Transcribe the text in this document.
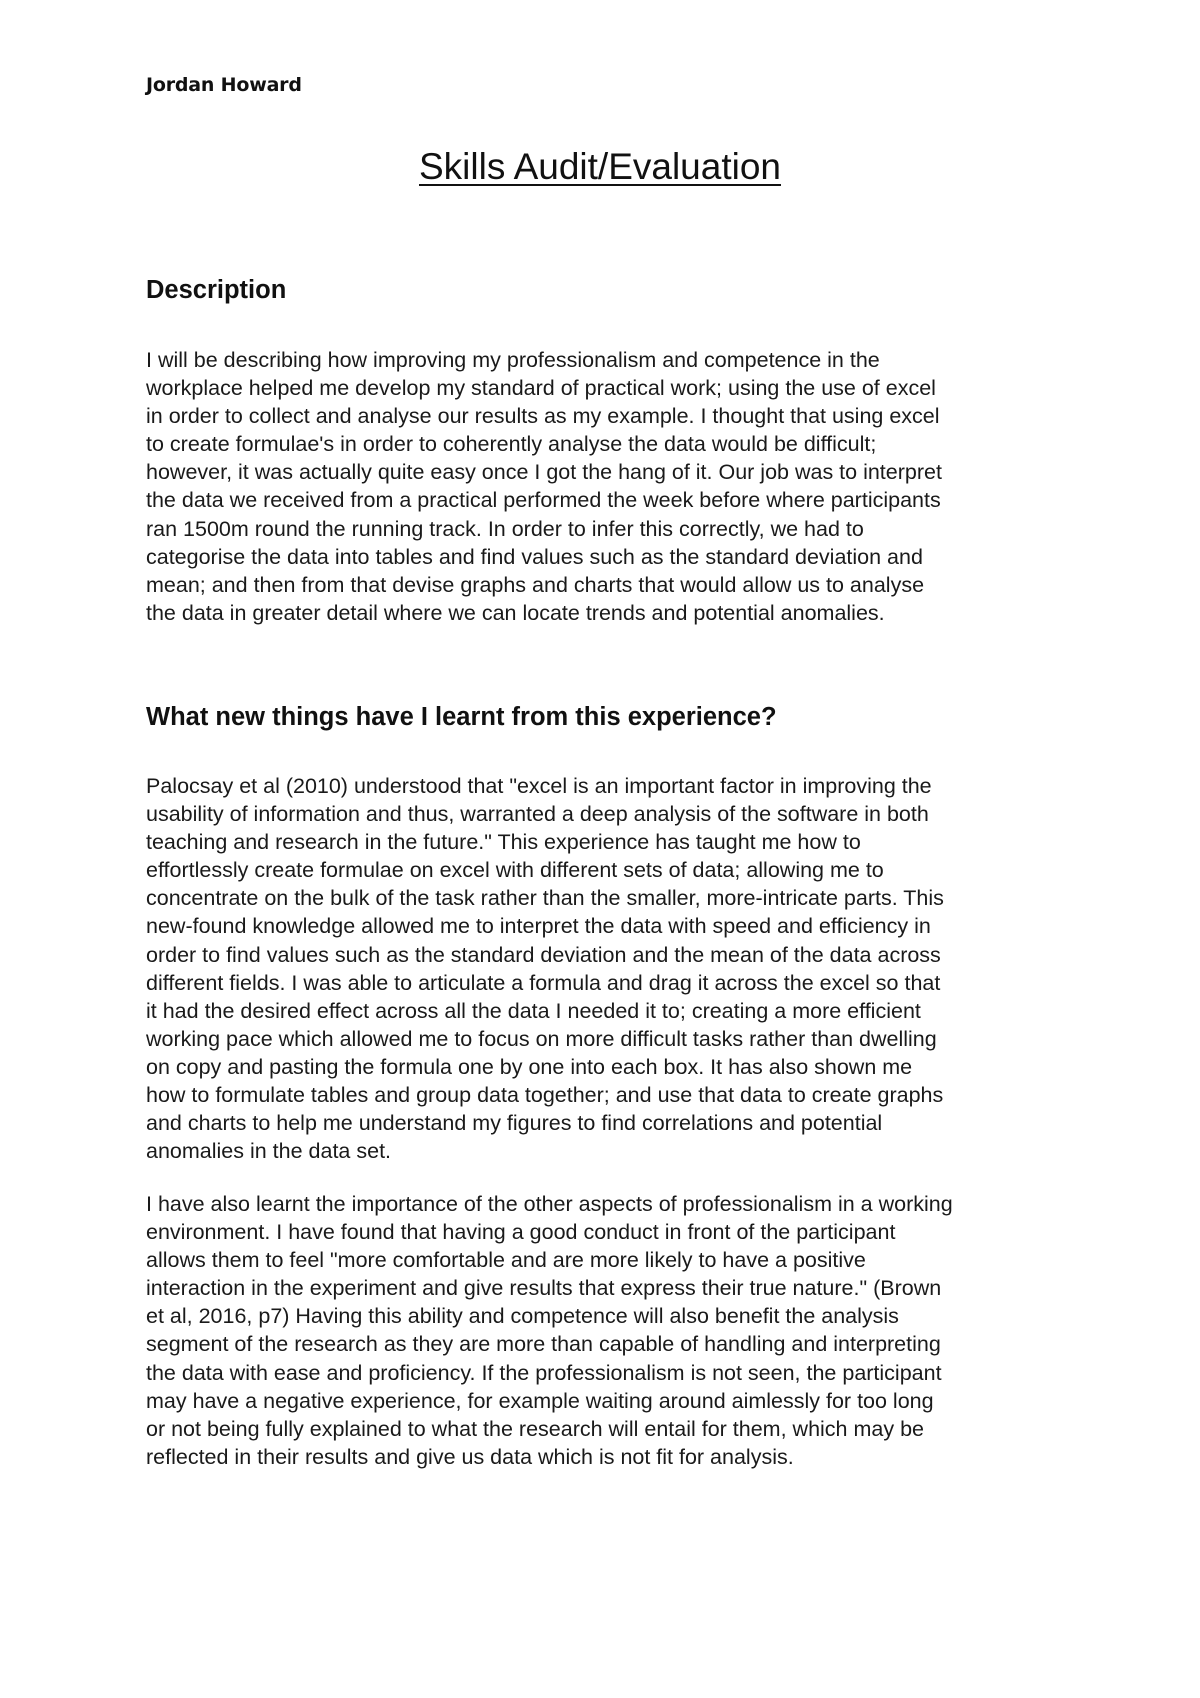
Jordan Howard
Skills Audit/Evaluation
Description
I will be describing how improving my professionalism and competence in the
workplace helped me develop my standard of practical work; using the use of excel
in order to collect and analyse our results as my example. I thought that using excel
to create formulae's in order to coherently analyse the data would be difficult;
however, it was actually quite easy once I got the hang of it. Our job was to interpret
the data we received from a practical performed the week before where participants
ran 1500m round the running track. In order to infer this correctly, we had to
categorise the data into tables and find values such as the standard deviation and
mean; and then from that devise graphs and charts that would allow us to analyse
the data in greater detail where we can locate trends and potential anomalies.
What new things have I learnt from this experience?
Palocsay et al (2010) understood that "excel is an important factor in improving the
usability of information and thus, warranted a deep analysis of the software in both
teaching and research in the future." This experience has taught me how to
effortlessly create formulae on excel with different sets of data; allowing me to
concentrate on the bulk of the task rather than the smaller, more-intricate parts. This
new-found knowledge allowed me to interpret the data with speed and efficiency in
order to find values such as the standard deviation and the mean of the data across
different fields. I was able to articulate a formula and drag it across the excel so that
it had the desired effect across all the data I needed it to; creating a more efficient
working pace which allowed me to focus on more difficult tasks rather than dwelling
on copy and pasting the formula one by one into each box. It has also shown me
how to formulate tables and group data together; and use that data to create graphs
and charts to help me understand my figures to find correlations and potential
anomalies in the data set.
I have also learnt the importance of the other aspects of professionalism in a working
environment. I have found that having a good conduct in front of the participant
allows them to feel "more comfortable and are more likely to have a positive
interaction in the experiment and give results that express their true nature." (Brown
et al, 2016, p7) Having this ability and competence will also benefit the analysis
segment of the research as they are more than capable of handling and interpreting
the data with ease and proficiency. If the professionalism is not seen, the participant
may have a negative experience, for example waiting around aimlessly for too long
or not being fully explained to what the research will entail for them, which may be
reflected in their results and give us data which is not fit for analysis.
